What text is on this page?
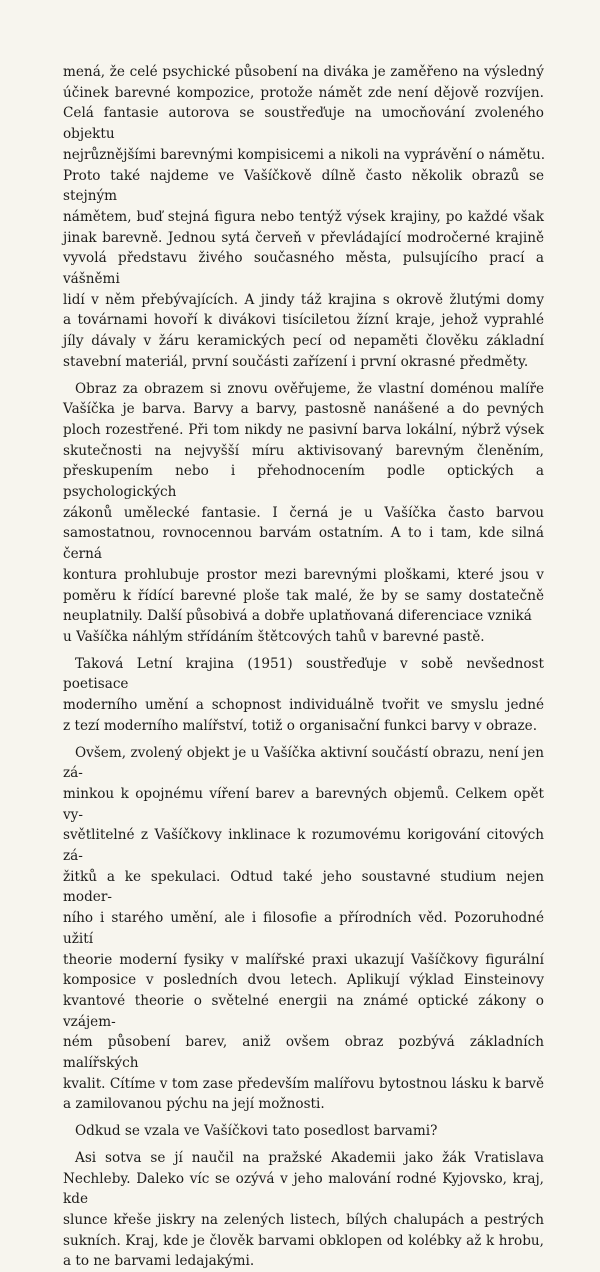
mená, že celé psychické působení na diváka je zaměřeno na výsledný
účinek barevné kompozice, protože námět zde není dějově rozvíjen.
Celá fantasie autorova se soustřeďuje na umocňování zvoleného objektu
nejrůznějšími barevnými kompisicemi a nikoli na vyprávění o námětu.
Proto také najdeme ve Vašíčkově dílně často několik obrazů se stejným
námětem, buď stejná figura nebo tentýž výsek krajiny, po každé však
jinak barevně. Jednou sytá červeň v převládající modročerné krajině
vyvolá představu živého současného města, pulsujícího prací a vášněmi
lidí v něm přebývajících. A jindy táž krajina s okrově žlutými domy
a továrnami hovoří k divákovi tisíciletou žíznί kraje, jehož vyprahlé
jíly dávaly v žáru keramických pecí od nepaměti člověku základní
stavební materiál, první součásti zařízení i první okrasné předměty.
Obraz za obrazem si znovu ověřujeme, že vlastní doménou malíře
Vašíčka je barva. Barvy a barvy, pastosně nanášené a do pevných
ploch rozestřené. Při tom nikdy ne pasivní barva lokální, nýbrž výsek
skutečnosti na nejvyšší míru aktivisovaný barevným členěním, přeskupením nebo i přehodnocením podle optických a psychologických
zákonů umělecké fantasie. I černá je u Vašíčka často barvou samostatnou, rovnocennou barvám ostatním. A to i tam, kde silná černá
kontura prohlubuje prostor mezi barevnými ploškami, které jsou v poměru k řídící barevné ploše tak malé, že by se samy dostatečně neuplatnily. Další působivá a dobře uplatňovaná diferenciace vzniká
u Vašíčka náhlým střídáním štětcových tahů v barevné pastě.
Taková Letní krajina (1951) soustřeďuje v sobě nevšednost poetisace
moderního umění a schopnost individuálně tvořit ve smyslu jedné
z tezí moderního malířství, totiž o organisační funkci barvy v obraze.
Ovšem, zvolený objekt je u Vašíčka aktivní součástí obrazu, není jen zá-
minkou k opojnému víření barev a barevných objemů. Celkem opět vy-
světlitelné z Vašíčkovy inklinace k rozumovému korigování citových zá-
žitků a ke spekulaci. Odtud také jeho soustavné studium nejen moder-
ního i starého umění, ale i filosofie a přírodních věd. Pozoruhodné užití
theorie moderní fysiky v malířské praxi ukazují Vašíčkovy figurální
komposice v posledních dvou letech. Aplikují výklad Einsteinovy
kvantové theorie o světelné energii na známé optické zákony o vzájem-
ném působení barev, aniž ovšem obraz pozbývá základních malířských
kvalit. Cítíme v tom zase především malířovu bytostnou lásku k barvě
a zamilovanou pýchu na její možnosti.
Odkud se vzala ve Vašíčkovi tato posedlost barvami?
Asi sotva se jí naučil na pražské Akademii jako žák Vratislava Nechleby. Daleko víc se ozývá v jeho malování rodné Kyjovsko, kraj, kde
slunce křeše jiskry na zelených listech, bílých chalupách a pestrých
sukních. Kraj, kde je člověk barvami obklopen od kolébky až k hrobu,
a to ne barvami ledajakými.
